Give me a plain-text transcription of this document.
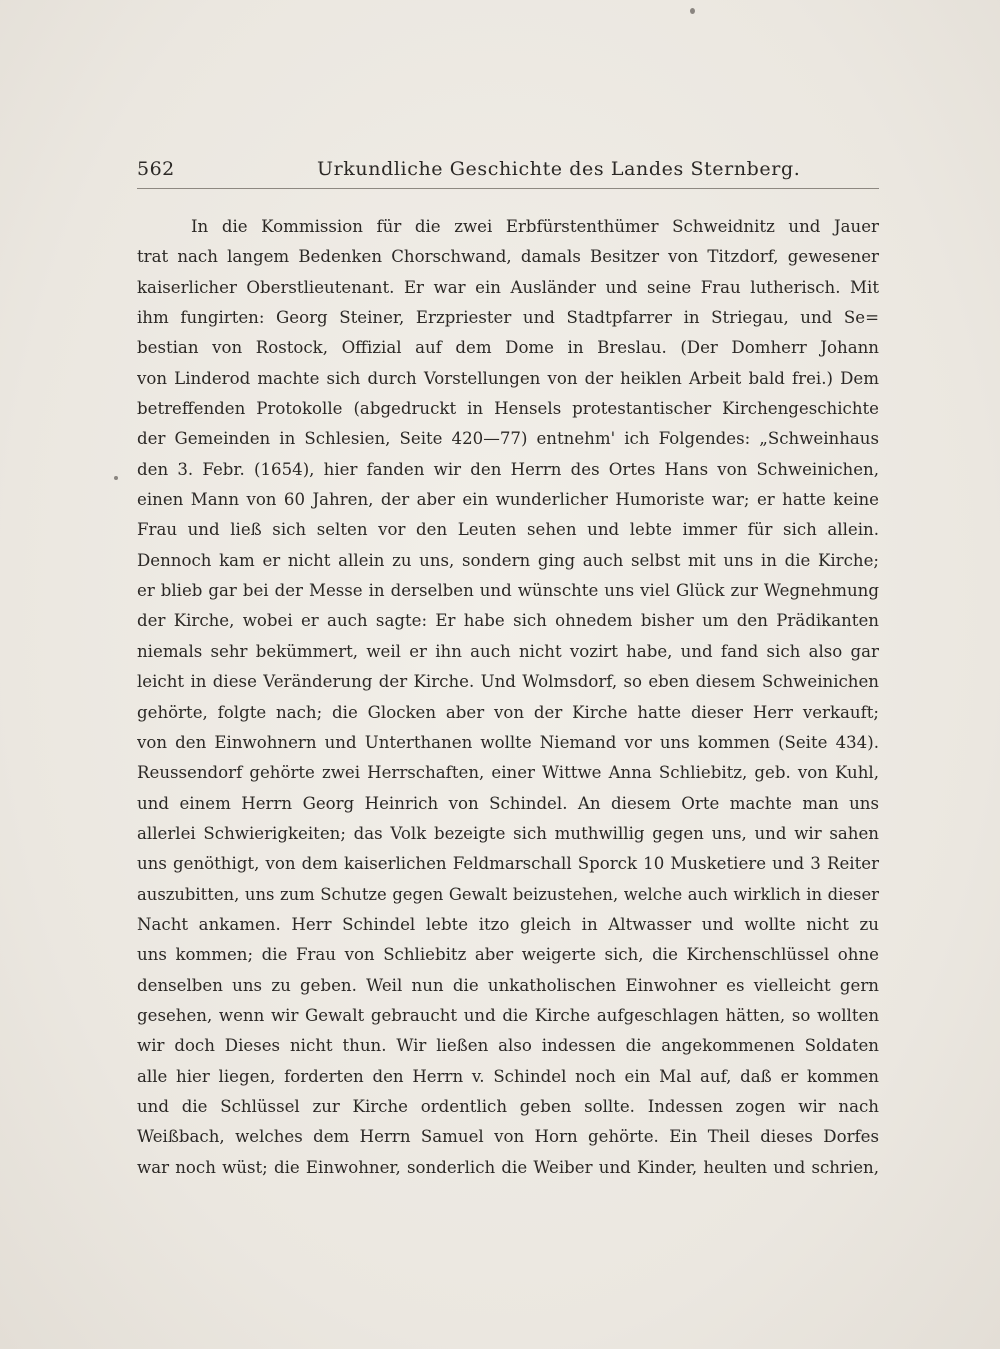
562	Urkundliche Geschichte des Landes Sternberg.
In die Kommission für die zwei Erbfürstenthümer Schweidnitz und Jauer
trat nach langem Bedenken Chorschwand, damals Besitzer von Titzdorf, gewesener
kaiserlicher Oberstlieutenant. Er war ein Ausländer und seine Frau lutherisch. Mit
ihm fungirten: Georg Steiner, Erzpriester und Stadtpfarrer in Striegau, und Se=
bestian von Rostock, Offizial auf dem Dome in Breslau. (Der Domherr Johann
von Linderod machte sich durch Vorstellungen von der heiklen Arbeit bald frei.) Dem
betreffenden Protokolle (abgedruckt in Hensels protestantischer Kirchengeschichte
der Gemeinden in Schlesien, Seite 420—77) entnehm' ich Folgendes: „Schweinhaus
den 3. Febr. (1654), hier fanden wir den Herrn des Ortes Hans von Schweinichen,
einen Mann von 60 Jahren, der aber ein wunderlicher Humoriste war; er hatte keine
Frau und ließ sich selten vor den Leuten sehen und lebte immer für sich allein.
Dennoch kam er nicht allein zu uns, sondern ging auch selbst mit uns in die Kirche;
er blieb gar bei der Messe in derselben und wünschte uns viel Glück zur Wegnehmung
der Kirche, wobei er auch sagte: Er habe sich ohnedem bisher um den Prädikanten
niemals sehr bekümmert, weil er ihn auch nicht vozirt habe, und fand sich also gar
leicht in diese Veränderung der Kirche. Und Wolmsdorf, so eben diesem Schweinichen
gehörte, folgte nach; die Glocken aber von der Kirche hatte dieser Herr verkauft;
von den Einwohnern und Unterthanen wollte Niemand vor uns kommen (Seite 434).
Reussendorf gehörte zwei Herrschaften, einer Wittwe Anna Schliebitz, geb. von Kuhl,
und einem Herrn Georg Heinrich von Schindel. An diesem Orte machte man uns
allerlei Schwierigkeiten; das Volk bezeigte sich muthwillig gegen uns, und wir sahen
uns genöthigt, von dem kaiserlichen Feldmarschall Sporck 10 Musketiere und 3 Reiter
auszubitten, uns zum Schutze gegen Gewalt beizustehen, welche auch wirklich in dieser
Nacht ankamen. Herr Schindel lebte itzo gleich in Altwasser und wollte nicht zu
uns kommen; die Frau von Schliebitz aber weigerte sich, die Kirchenschlüssel ohne
denselben uns zu geben. Weil nun die unkatholischen Einwohner es vielleicht gern
gesehen, wenn wir Gewalt gebraucht und die Kirche aufgeschlagen hätten, so wollten
wir doch Dieses nicht thun. Wir ließen also indessen die angekommenen Soldaten
alle hier liegen, forderten den Herrn v. Schindel noch ein Mal auf, daß er kommen
und die Schlüssel zur Kirche ordentlich geben sollte. Indessen zogen wir nach
Weißbach, welches dem Herrn Samuel von Horn gehörte. Ein Theil dieses Dorfes
war noch wüst; die Einwohner, sonderlich die Weiber und Kinder, heulten und schrien,
